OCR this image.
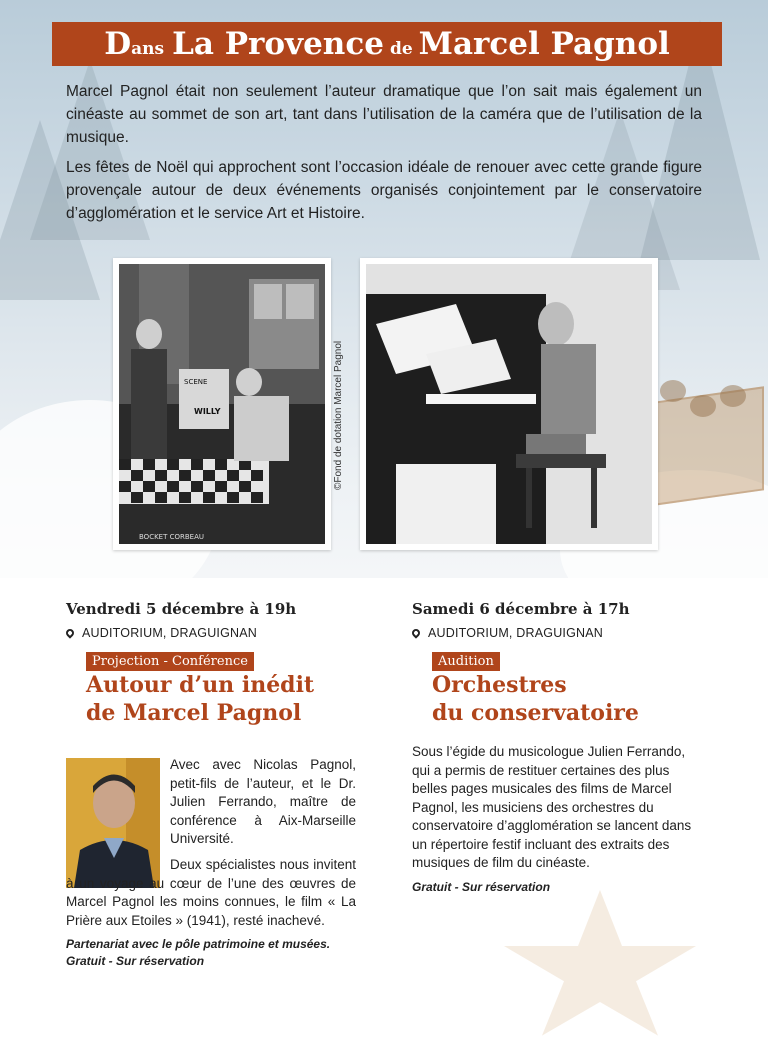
D ans La Provence de Marcel Pagnol

Marcel Pagnol était non seulement l’auteur dramatique que l’on sait mais également un cinéaste au sommet de son art, tant dans l’utilisation de la caméra que de l’utilisation de la musique.

Les fêtes de Noël qui approchent sont l’occasion idéale de renouer avec cette grande figure provençale autour de deux événements organisés conjointement par le conservatoire d’agglomération et le service Art et Histoire.

SCENE
WILLY
BOCKET CORBEAU
©Fond de dotation Marcel Pagnol
Vendredi 5 décembre à 19h
AUDITORIUM, DRAGUIGNAN
Projection - Conférence

Autour d’un inédit

de Marcel Pagnol

Avec avec Nicolas Pagnol, petit-fils de l’auteur, et le Dr. Julien Ferrando, maître de conférence à Aix-Marseille Université.

Deux spécialistes nous invitent à un voyage au cœur de l’une des œuvres de Marcel Pagnol les moins connues, le film « La Prière aux Etoiles » (1941), resté inachevé.

Partenariat avec le pôle patrimoine et musées.
Gratuit - Sur réservation
Samedi 6 décembre à 17h
AUDITORIUM, DRAGUIGNAN
Audition

Orchestres

du conservatoire

Sous l’égide du musicologue Julien Ferrando, qui a permis de restituer certaines des plus belles pages musicales des films de Marcel Pagnol, les musiciens des orchestres du conservatoire d’agglomération se lancent dans un répertoire festif incluant des extraits des musiques de film du cinéaste.

Gratuit - Sur réservation
